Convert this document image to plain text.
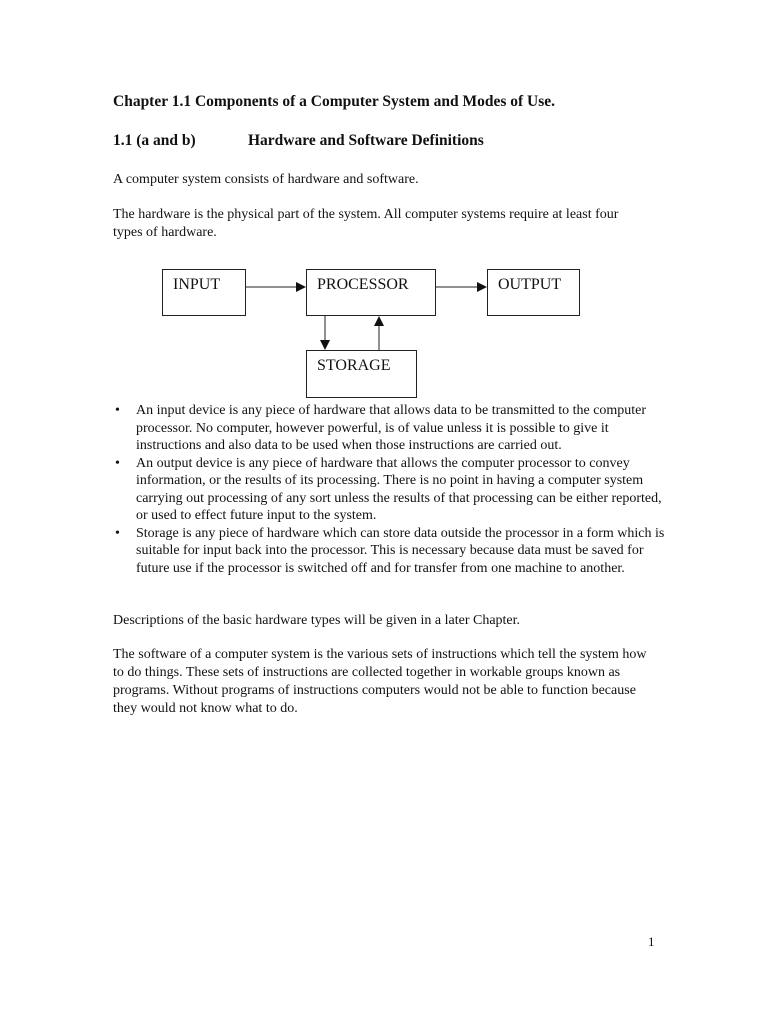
Chapter 1.1 Components of a Computer System and Modes of Use.
1.1 (a and b)	Hardware and Software Definitions

A computer system consists of hardware and software.

The hardware is the physical part of the system. All computer systems require at least four types of hardware.

INPUT	PROCESSOR	OUTPUT
STORAGE
• An input device is any piece of hardware that allows data to be transmitted to the computer processor. No computer, however powerful, is of value unless it is possible to give it instructions and also data to be used when those instructions are carried out.
• An output device is any piece of hardware that allows the computer processor to convey information, or the results of its processing. There is no point in having a computer system carrying out processing of any sort unless the results of that processing can be either reported, or used to effect future input to the system.
• Storage is any piece of hardware which can store data outside the processor in a form which is suitable for input back into the processor. This is necessary because data must be saved for future use if the processor is switched off and for transfer from one machine to another.

Descriptions of the basic hardware types will be given in a later Chapter.

The software of a computer system is the various sets of instructions which tell the system how to do things. These sets of instructions are collected together in workable groups known as programs. Without programs of instructions computers would not be able to function because they would not know what to do.

1
